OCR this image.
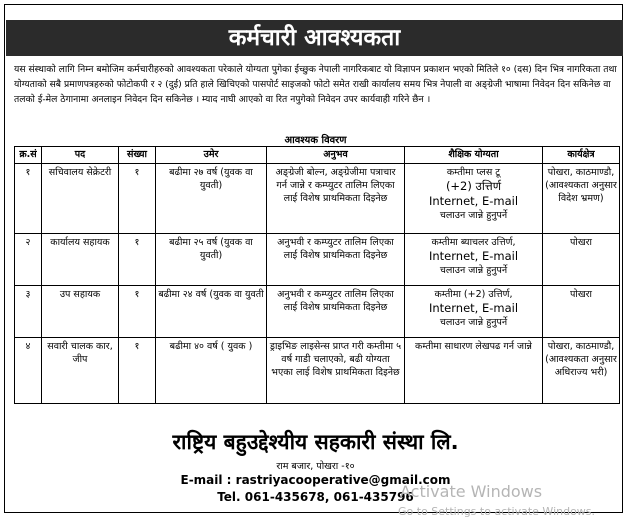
कर्मचारी आवश्यकता
यस संस्थाको लागि निम्न बमोजिम कर्मचारीहरुको आवश्यकता परेकाले योग्यता पुगेका ईच्छुक नेपाली नागरिकबाट यो विज्ञापन प्रकाशन भएको मितिले १० (दस) दिन भित्र नागरिकता तथा योग्यताको सबै प्रमाणपत्रहरुको फोटोकपी र २ (दुई) प्रति हाले खिचिएको पासपोर्ट साइजको फोटो समेत राखी कार्यालय समय भित्र नेपाली वा अङ्ग्रेजी भाषामा निवेदन दिन सकिनेछ वा तलको ई-मेल ठेगानामा अनलाइन निवेदन दिन सकिनेछ । म्याद नाघी आएको वा रित नपुगेको निवेदन उपर कार्यवाही गरिने छैन ।
आवश्यक विवरण
क्र.सं	पद	संख्या	उमेर	अनुभव	शैक्षिक योग्यता	कार्यक्षेत्र
१	सचिवालय सेक्रेटरी	१	बढीमा २७ वर्ष (युवक वा युवती)	अङ्ग्रेजी बोल्न, अङ्ग्रेजीमा पत्राचार गर्न जान्ने र कम्प्युटर तालिम लिएका लाई विशेष प्राथमिकता दिइनेछ	कम्तीमा प्लस टू
(+2) उत्तिर्ण
Internet, E-mail
चलाउन जान्ने हुनुपर्ने	पोखरा, काठमाण्डौ, (आवश्यकता अनुसार विदेश भ्रमण)
२	कार्यालय सहायक	१	बढीमा २५ वर्ष (युवक वा युवती)	अनुभवी र कम्प्युटर तालिम लिएका लाई विशेष प्राथमिकता दिइनेछ	कम्तीमा ब्याचलर उत्तिर्ण,
Internet, E-mail
चलाउन जान्ने हुनुपर्ने	पोखरा
३	उप सहायक	१	बढीमा २४ वर्ष (युवक वा युवती	अनुभवी र कम्प्युटर तालिम लिएका लाई विशेष प्राथमिकता दिइनेछ	कम्तीमा (+2) उत्तिर्ण,
Internet, E-mail
चलाउन जान्ने हुनुपर्ने	पोखरा
४	सवारी चालक कार, जीप	१	बढीमा ४० वर्ष ( युवक )	ड्राइभिङ लाइसेन्स प्राप्त गरी कम्तीमा ५ वर्ष गाडी चलाएको, बढी योग्यता भएका लाई विशेष प्राथमिकता दिइनेछ	कम्तीमा साधारण लेखपढ गर्न जान्ने	पोखरा, काठमाण्डौ, (आवश्यकता अनुसार अधिराज्य भरी)
राष्ट्रिय बहुउद्देश्यीय सहकारी संस्था लि.
राम बजार, पोखरा -१०
E-mail : rastriyacooperative@gmail.com
Tel. 061-435678, 061-435796
Activate Windows
Go to Settings to activate Windows.
